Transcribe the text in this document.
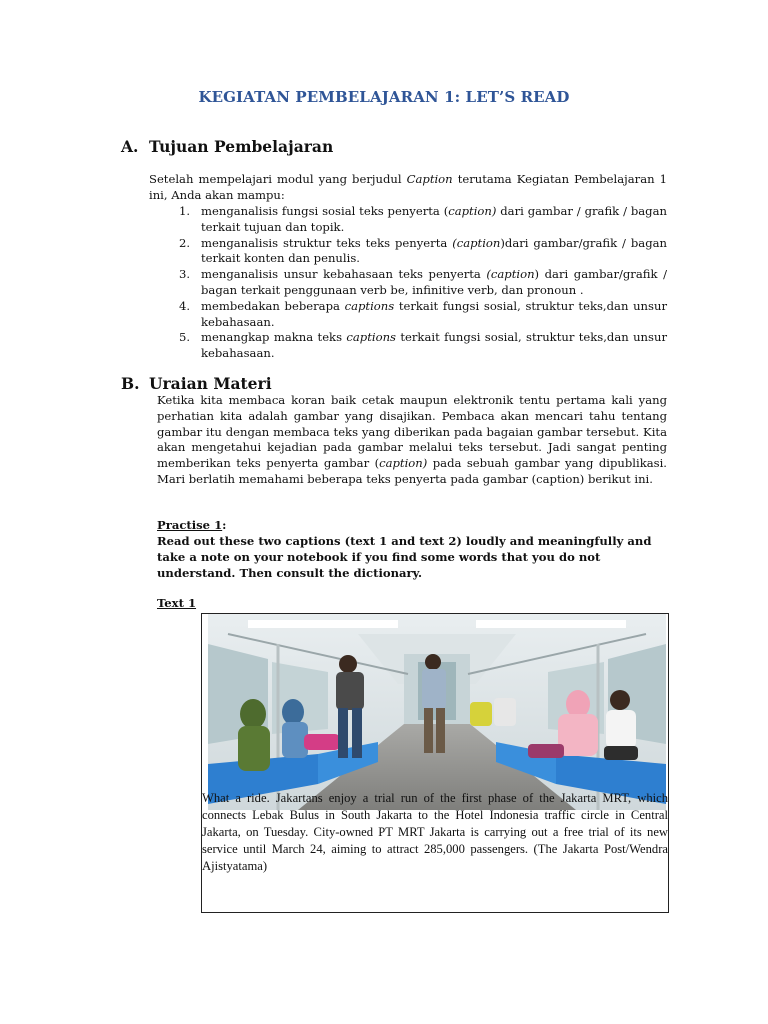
KEGIATAN PEMBELAJARAN 1: LET’S READ
A. Tujuan Pembelajaran
Setelah mempelajari modul yang berjudul Caption terutama Kegiatan Pembelajaran 1 ini, Anda akan mampu:
1. menganalisis fungsi sosial teks penyerta (caption) dari gambar / grafik / bagan terkait tujuan dan topik.
2. menganalisis struktur teks teks penyerta (caption)dari gambar/grafik / bagan terkait konten dan penulis.
3. menganalisis unsur kebahasaan teks penyerta (caption) dari gambar/grafik / bagan terkait penggunaan verb be, infinitive verb, dan pronoun .
4. membedakan beberapa captions terkait fungsi sosial, struktur teks,dan unsur kebahasaan.
5. menangkap makna teks captions terkait fungsi sosial, struktur teks,dan unsur kebahasaan.
B. Uraian Materi
Ketika kita membaca koran baik cetak maupun elektronik tentu pertama kali yang perhatian kita adalah gambar yang disajikan. Pembaca akan mencari tahu tentang gambar itu dengan membaca teks yang diberikan pada bagaian gambar tersebut. Kita akan mengetahui kejadian pada gambar melalui teks tersebut. Jadi sangat penting memberikan teks penyerta gambar (caption) pada sebuah gambar yang dipublikasi. Mari berlatih memahami beberapa teks penyerta pada gambar (caption) berikut ini.
Practise 1:
Read out these two captions (text 1 and text 2) loudly and meaningfully and take a note on your notebook if you find some words that you do not understand. Then consult the dictionary.
Text 1
What a ride. Jakartans enjoy a trial run of the first phase of the Jakarta MRT, which connects Lebak Bulus in South Jakarta to the Hotel Indonesia traffic circle in Central Jakarta, on Tuesday. City-owned PT MRT Jakarta is carrying out a free trial of its new service until March 24, aiming to attract 285,000 passengers. (The Jakarta Post/Wendra Ajistyatama)
